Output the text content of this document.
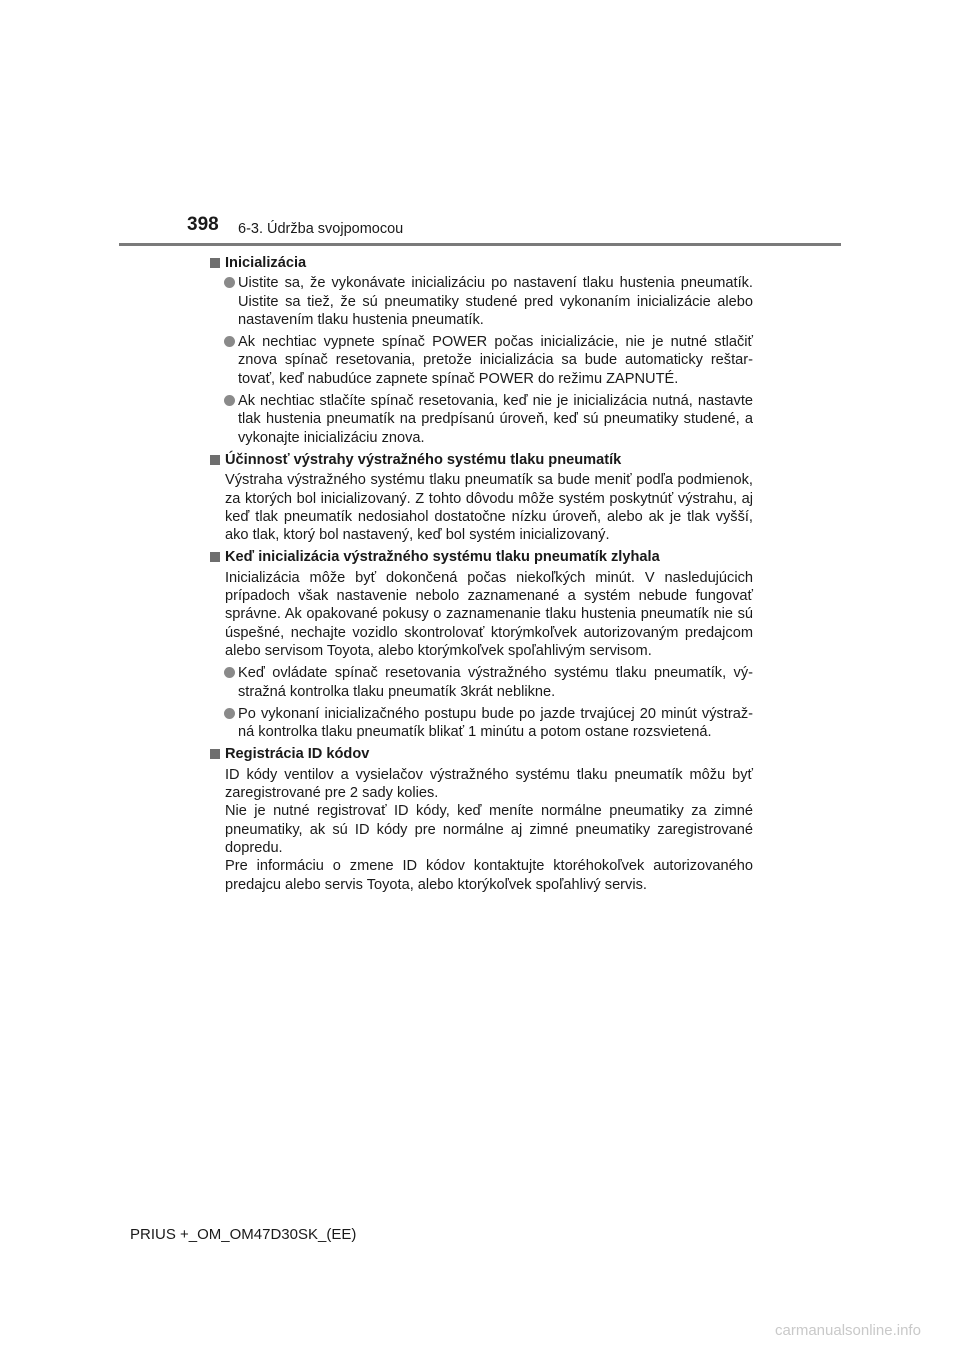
398 6-3. Údržba svojpomocou
Inicializácia
Uistite sa, že vykonávate inicializáciu po nastavení tlaku hustenia pneumatík. Uistite sa tiež, že sú pneumatiky studené pred vykonaním inicializácie alebo nastavením tlaku hustenia pneumatík.
Ak nechtiac vypnete spínač POWER počas inicializácie, nie je nutné stlačiť znova spínač resetovania, pretože inicializácia sa bude automaticky reštartovať, keď nabudúce zapnete spínač POWER do režimu ZAPNUTÉ.
Ak nechtiac stlačíte spínač resetovania, keď nie je inicializácia nutná, nastavte tlak hustenia pneumatík na predpísanú úroveň, keď sú pneumatiky studené, a vykonajte inicializáciu znova.
Účinnosť výstrahy výstražného systému tlaku pneumatík
Výstraha výstražného systému tlaku pneumatík sa bude meniť podľa podmienok, za ktorých bol inicializovaný. Z tohto dôvodu môže systém poskytnúť výstrahu, aj keď tlak pneumatík nedosiahol dostatočne nízku úroveň, alebo ak je tlak vyšší, ako tlak, ktorý bol nastavený, keď bol systém inicializovaný.
Keď inicializácia výstražného systému tlaku pneumatík zlyhala
Inicializácia môže byť dokončená počas niekoľkých minút. V nasledujúcich prípadoch však nastavenie nebolo zaznamenané a systém nebude fungovať správne. Ak opakované pokusy o zaznamenanie tlaku hustenia pneumatík nie sú úspešné, nechajte vozidlo skontrolovať ktorýmkoľvek autorizovaným predajcom alebo servisom Toyota, alebo ktorýmkoľvek spoľahlivým servisom.
Keď ovládate spínač resetovania výstražného systému tlaku pneumatík, výstražná kontrolka tlaku pneumatík 3krát neblikne.
Po vykonaní inicializačného postupu bude po jazde trvajúcej 20 minút výstražná kontrolka tlaku pneumatík blikať 1 minútu a potom ostane rozsvietená.
Registrácia ID kódov
ID kódy ventilov a vysielačov výstražného systému tlaku pneumatík môžu byť zaregistrované pre 2 sady kolies.
Nie je nutné registrovať ID kódy, keď meníte normálne pneumatiky za zimné pneumatiky, ak sú ID kódy pre normálne aj zimné pneumatiky zaregistrované dopredu.
Pre informáciu o zmene ID kódov kontaktujte ktoréhokoľvek autorizovaného predajcu alebo servis Toyota, alebo ktorýkoľvek spoľahlivý servis.
PRIUS +_OM_OM47D30SK_(EE)
carmanualsonline.info
